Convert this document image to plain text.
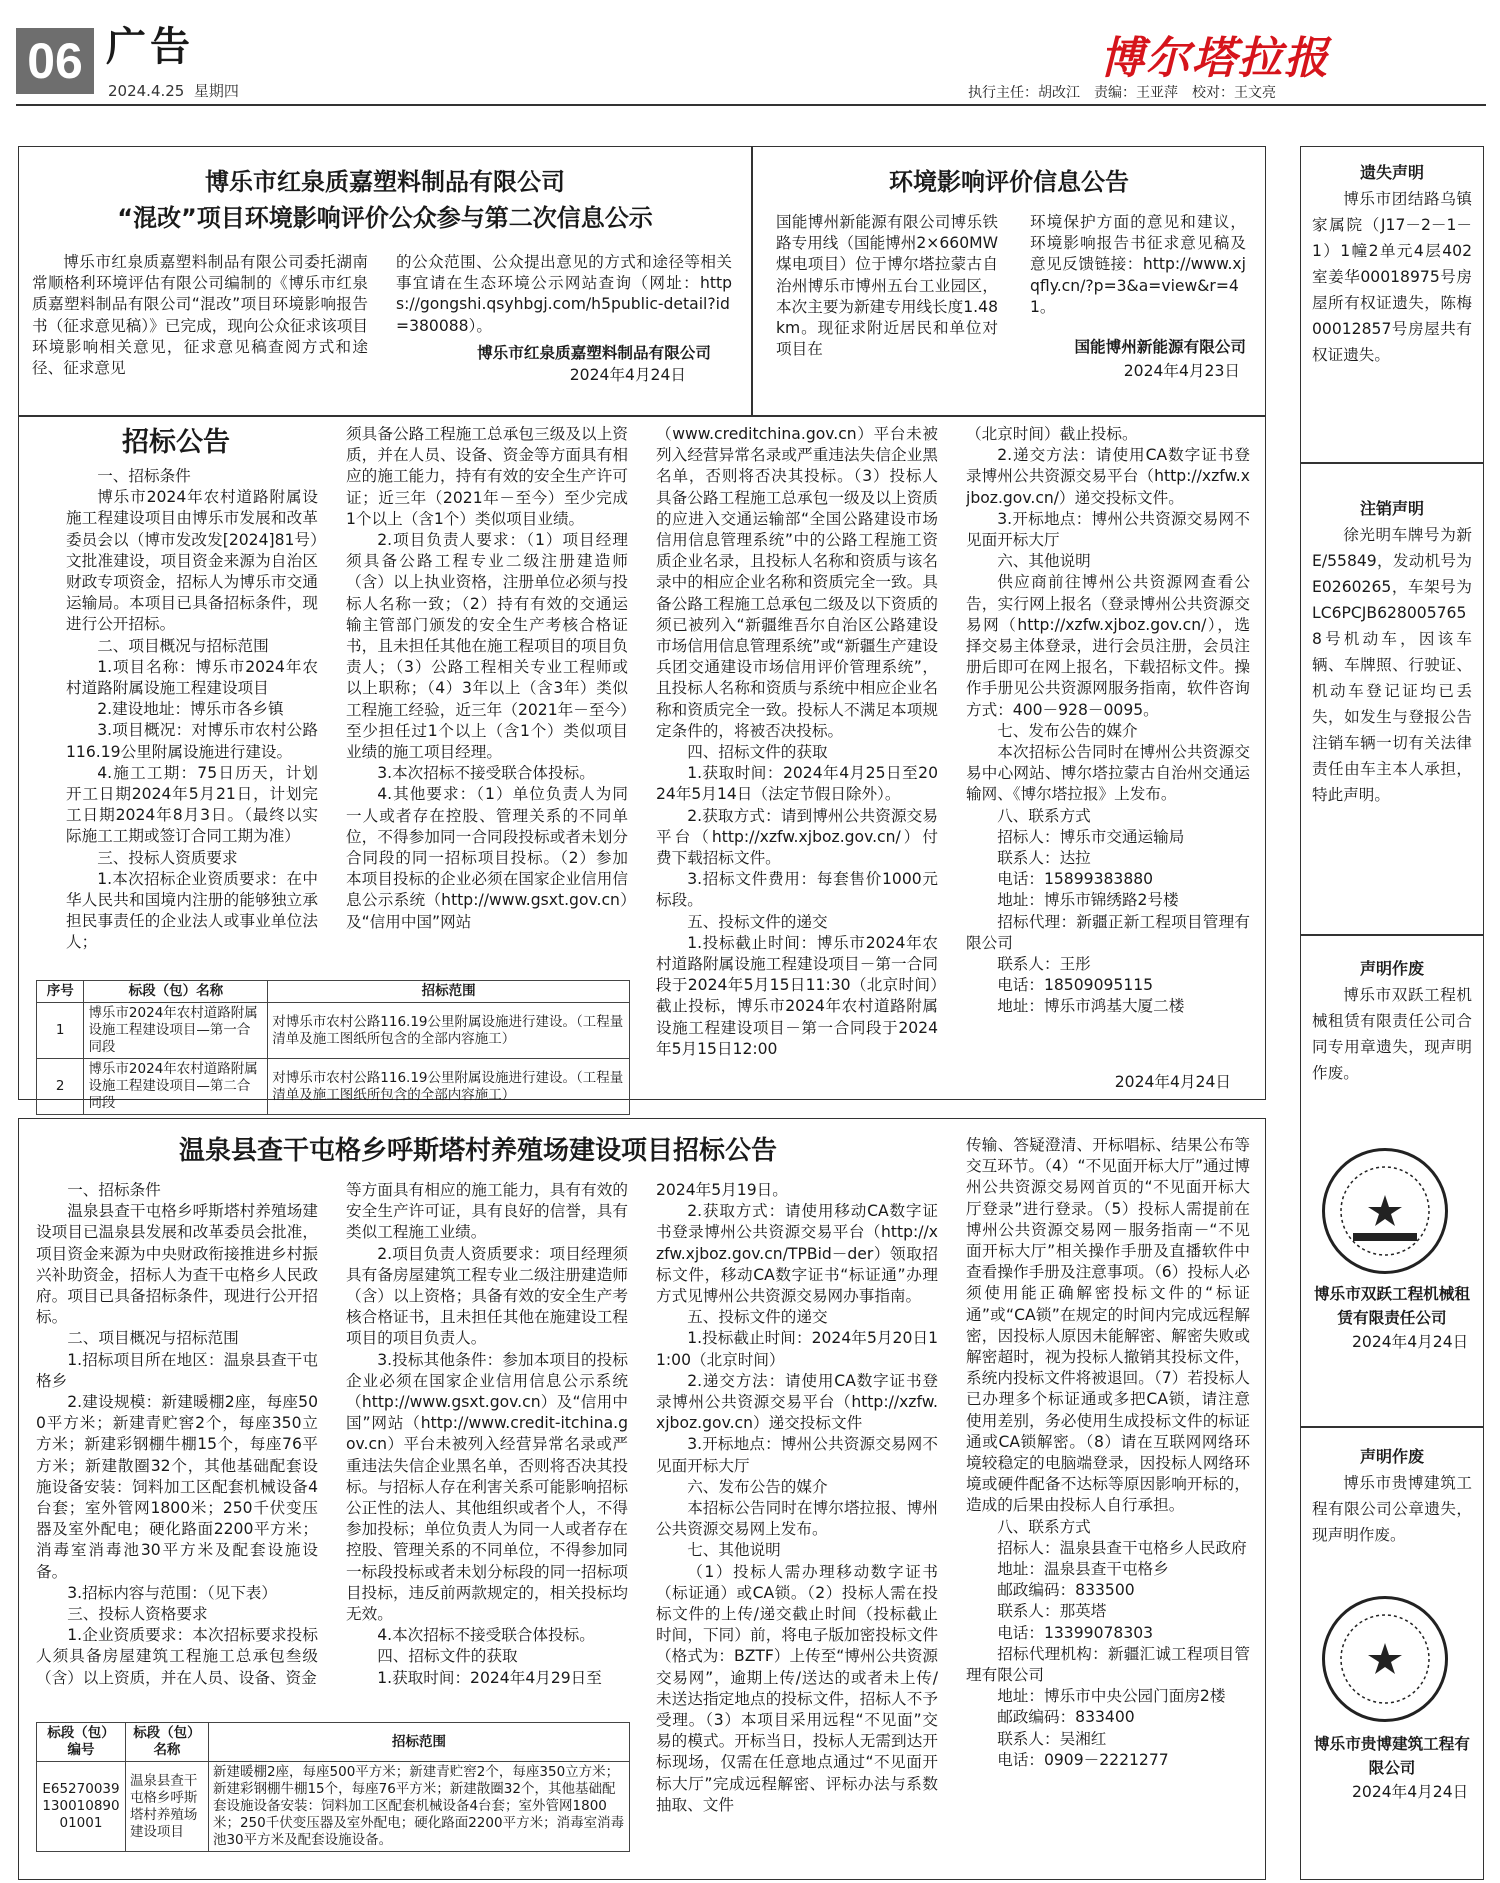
06 广告
2024.4.25 星期四
博尔塔拉报
执行主任：胡改江　责编：王亚萍　校对：王文亮
博乐市红泉质嘉塑料制品有限公司
“混改”项目环境影响评价公众参与第二次信息公示
博乐市红泉质嘉塑料制品有限公司委托湖南常顺格利环境评估有限公司编制的《博乐市红泉质嘉塑料制品有限公司“混改”项目环境影响报告书（征求意见稿）》已完成，现向公众征求该项目环境影响相关意见，征求意见稿查阅方式和途径、征求意见
的公众范围、公众提出意见的方式和途径等相关事宜请在生态环境公示网站查询（网址：https://gongshi.qsyhbgj.com/h5public-detail?id=380088）。
博乐市红泉质嘉塑料制品有限公司
2024年4月24日
环境影响评价信息公告
国能博州新能源有限公司博乐铁路专用线（国能博州2×660MW煤电项目）位于博尔塔拉蒙古自治州博乐市博州五台工业园区，本次主要为新建专用线长度1.48km。现征求附近居民和单位对项目在
环境保护方面的意见和建议，环境影响报告书征求意见稿及意见反馈链接：http://www.xjqfly.cn/?p=3&a=view&r=41。
国能博州新能源有限公司
2024年4月23日
招标公告

一、招标条件

博乐市2024年农村道路附属设施工程建设项目由博乐市发展和改革委员会以（博市发改发[2024]81号）文批准建设，项目资金来源为自治区财政专项资金，招标人为博乐市交通运输局。本项目已具备招标条件，现进行公开招标。

二、项目概况与招标范围

1.项目名称：博乐市2024年农村道路附属设施工程建设项目

2.建设地址：博乐市各乡镇

3.项目概况：对博乐市农村公路116.19公里附属设施进行建设。

4.施工工期：75日历天，计划开工日期2024年5月21日，计划完工日期2024年8月3日。（最终以实际施工工期或签订合同工期为准）

三、投标人资质要求

1.本次招标企业资质要求：在中华人民共和国境内注册的能够独立承担民事责任的企业法人或事业单位法人；

须具备公路工程施工总承包三级及以上资质，并在人员、设备、资金等方面具有相应的施工能力，持有有效的安全生产许可证；近三年（2021年－至今）至少完成1个以上（含1个）类似项目业绩。

2.项目负责人要求：（1）项目经理须具备公路工程专业二级注册建造师（含）以上执业资格，注册单位必须与投标人名称一致；（2）持有有效的交通运输主管部门颁发的安全生产考核合格证书，且未担任其他在施工程项目的项目负责人；（3）公路工程相关专业工程师或以上职称；（4）3年以上（含3年）类似工程施工经验，近三年（2021年－至今）至少担任过1个以上（含1个）类似项目业绩的施工项目经理。

3.本次招标不接受联合体投标。

4.其他要求：（1）单位负责人为同一人或者存在控股、管理关系的不同单位，不得参加同一合同段投标或者未划分合同段的同一招标项目投标。（2）参加本项目投标的企业必须在国家企业信用信息公示系统（http://www.gsxt.gov.cn）及“信用中国”网站

（www.creditchina.gov.cn）平台未被列入经营异常名录或严重违法失信企业黑名单，否则将否决其投标。（3）投标人具备公路工程施工总承包一级及以上资质的应进入交通运输部“全国公路建设市场信用信息管理系统”中的公路工程施工资质企业名录，且投标人名称和资质与该名录中的相应企业名称和资质完全一致。具备公路工程施工总承包二级及以下资质的须已被列入“新疆维吾尔自治区公路建设市场信用信息管理系统”或“新疆生产建设兵团交通建设市场信用评价管理系统”，且投标人名称和资质与系统中相应企业名称和资质完全一致。投标人不满足本项规定条件的，将被否决投标。

四、招标文件的获取

1.获取时间：2024年4月25日至2024年5月14日（法定节假日除外）。

2.获取方式：请到博州公共资源交易平台（http://xzfw.xjboz.gov.cn/）付费下载招标文件。

3.招标文件费用：每套售价1000元标段。

五、投标文件的递交

1.投标截止时间：博乐市2024年农村道路附属设施工程建设项目－第一合同段于2024年5月15日11:30（北京时间）截止投标，博乐市2024年农村道路附属设施工程建设项目－第一合同段于2024年5月15日12:00

（北京时间）截止投标。

2.递交方法：请使用CA数字证书登录博州公共资源交易平台（http://xzfw.xjboz.gov.cn/）递交投标文件。

3.开标地点：博州公共资源交易网不见面开标大厅

六、其他说明

供应商前往博州公共资源网查看公告，实行网上报名（登录博州公共资源交易网（http://xzfw.xjboz.gov.cn/），选择交易主体登录，进行会员注册，会员注册后即可在网上报名，下载招标文件。操作手册见公共资源网服务指南，软件咨询方式：400－928－0095。

七、发布公告的媒介

本次招标公告同时在博州公共资源交易中心网站、博尔塔拉蒙古自治州交通运输网、《博尔塔拉报》上发布。

八、联系方式

招标人：博乐市交通运输局

联系人：达拉

电话：15899383880

地址：博乐市锦绣路2号楼

招标代理：新疆正新工程项目管理有限公司

联系人：王彤

电话：18509095115

地址：博乐市鸿基大厦二楼

2024年4月24日
序号	标段（包）名称	招标范围
1	博乐市2024年农村道路附属设施工程建设项目—第一合同段	对博乐市农村公路116.19公里附属设施进行建设。（工程量清单及施工图纸所包含的全部内容施工）
2	博乐市2024年农村道路附属设施工程建设项目—第二合同段	对博乐市农村公路116.19公里附属设施进行建设。（工程量清单及施工图纸所包含的全部内容施工）
温泉县查干屯格乡呼斯塔村养殖场建设项目招标公告

一、招标条件

温泉县查干屯格乡呼斯塔村养殖场建设项目已温泉县发展和改革委员会批准，项目资金来源为中央财政衔接推进乡村振兴补助资金，招标人为查干屯格乡人民政府。项目已具备招标条件，现进行公开招标。

二、项目概况与招标范围

1.招标项目所在地区：温泉县查干屯格乡

2.建设规模：新建暖棚2座，每座500平方米；新建青贮窖2个，每座350立方米；新建彩钢棚牛棚15个，每座76平方米；新建散圈32个，其他基础配套设施设备安装：饲料加工区配套机械设备4台套；室外管网1800米；250千伏变压器及室外配电；硬化路面2200平方米；消毒室消毒池30平方米及配套设施设备。

3.招标内容与范围：（见下表）

三、投标人资格要求

1.企业资质要求：本次招标要求投标人须具备房屋建筑工程施工总承包叁级（含）以上资质，并在人员、设备、资金

等方面具有相应的施工能力，具有有效的安全生产许可证，具有良好的信誉，具有类似工程施工业绩。

2.项目负责人资质要求：项目经理须具有备房屋建筑工程专业二级注册建造师（含）以上资格；具备有效的安全生产考核合格证书，且未担任其他在施建设工程项目的项目负责人。

3.投标其他条件：参加本项目的投标企业必须在国家企业信用信息公示系统（http://www.gsxt.gov.cn）及“信用中国”网站（http://www.credit-itchina.gov.cn）平台未被列入经营异常名录或严重违法失信企业黑名单，否则将否决其投标。与招标人存在利害关系可能影响招标公正性的法人、其他组织或者个人，不得参加投标；单位负责人为同一人或者存在控股、管理关系的不同单位，不得参加同一标段投标或者未划分标段的同一招标项目投标，违反前两款规定的，相关投标均无效。

4.本次招标不接受联合体投标。

四、招标文件的获取

1.获取时间：2024年4月29日至

2024年5月19日。

2.获取方式：请使用移动CA数字证书登录博州公共资源交易平台（http://xzfw.xjboz.gov.cn/TPBid－der）领取招标文件，移动CA数字证书“标证通”办理方式见博州公共资源交易网办事指南。

五、投标文件的递交

1.投标截止时间：2024年5月20日11:00（北京时间）

2.递交方法：请使用CA数字证书登录博州公共资源交易平台（http://xzfw.xjboz.gov.cn）递交投标文件

3.开标地点：博州公共资源交易网不见面开标大厅

六、发布公告的媒介

本招标公告同时在博尔塔拉报、博州公共资源交易网上发布。

七、其他说明

（1）投标人需办理移动数字证书（标证通）或CA锁。（2）投标人需在投标文件的上传/递交截止时间（投标截止时间，下同）前，将电子版加密投标文件（格式为：BZTF）上传至“博州公共资源交易网”，逾期上传/送达的或者未上传/未送达指定地点的投标文件，招标人不予受理。（3）本项目采用远程“不见面”交易的模式。开标当日，投标人无需到达开标现场，仅需在任意地点通过“不见面开标大厅”完成远程解密、评标办法与系数抽取、文件

传输、答疑澄清、开标唱标、结果公布等交互环节。（4）“不见面开标大厅”通过博州公共资源交易网首页的“不见面开标大厅登录”进行登录。（5）投标人需提前在博州公共资源交易网－服务指南－“不见面开标大厅”相关操作手册及直播软件中查看操作手册及注意事项。（6）投标人必须使用能正确解密投标文件的“标证通”或“CA锁”在规定的时间内完成远程解密，因投标人原因未能解密、解密失败或解密超时，视为投标人撤销其投标文件，系统内投标文件将被退回。（7）若投标人已办理多个标证通或多把CA锁，请注意使用差别，务必使用生成投标文件的标证通或CA锁解密。（8）请在互联网网络环境较稳定的电脑端登录，因投标人网络环境或硬件配备不达标等原因影响开标的，造成的后果由投标人自行承担。

八、联系方式

招标人：温泉县查干屯格乡人民政府

地址：温泉县查干屯格乡

邮政编码：833500

联系人：那英塔

电话：13399078303

招标代理机构：新疆汇诚工程项目管理有限公司

地址：博乐市中央公园门面房2楼

邮政编码：833400

联系人：吴湘红

电话：0909－2221277

标段（包）编号	标段（包）名称	招标范围
E6527003913001089001001	温泉县查干屯格乡呼斯塔村养殖场建设项目	新建暖棚2座，每座500平方米；新建青贮窖2个，每座350立方米；新建彩钢棚牛棚15个，每座76平方米；新建散圈32个，其他基础配套设施设备安装：饲料加工区配套机械设备4台套；室外管网1800米；250千伏变压器及室外配电；硬化路面2200平方米；消毒室消毒池30平方米及配套设施设备。
遗失声明
博乐市团结路乌镇家属院（J17－2－1－1）1幢2单元4层402室姜华00018975号房屋所有权证遗失，陈梅00012857号房屋共有权证遗失。
注销声明
徐光明车牌号为新E/55849，发动机号为E0260265，车架号为LC6PCJB6280057658号机动车，因该车辆、车牌照、行驶证、机动车登记证均已丢失，如发生与登报公告注销车辆一切有关法律责任由车主本人承担，特此声明。
声明作废
博乐市双跃工程机械租赁有限责任公司合同专用章遗失，现声明作废。
博乐市双跃工程机械租赁有限责任公司
2024年4月24日
声明作废
博乐市贵博建筑工程有限公司公章遗失，现声明作废。
博乐市贵博建筑工程有限公司
2024年4月24日
